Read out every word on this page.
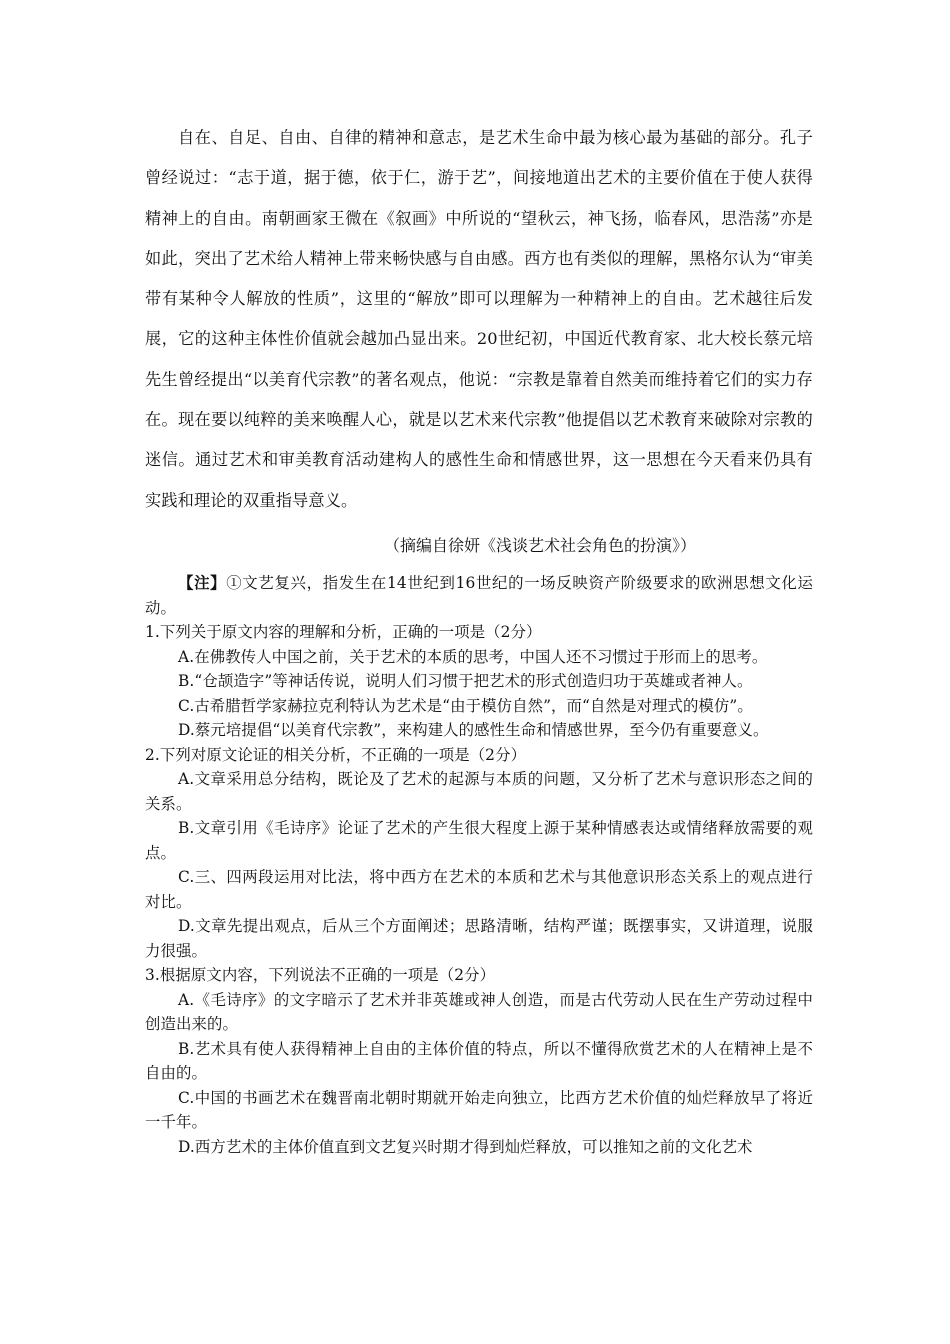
自在、自足、自由、自律的精神和意志，是艺术生命中最为核心最为基础的部分。孔子曾经说过：“志于道，据于德，依于仁，游于艺”，间接地道出艺术的主要价值在于使人获得精神上的自由。南朝画家王微在《叙画》中所说的“望秋云，神飞扬，临春风，思浩荡”亦是如此，突出了艺术给人精神上带来畅快感与自由感。西方也有类似的理解，黑格尔认为“审美带有某种令人解放的性质”，这里的“解放”即可以理解为一种精神上的自由。艺术越往后发展，它的这种主体性价值就会越加凸显出来。20世纪初，中国近代教育家、北大校长蔡元培先生曾经提出“以美育代宗教”的著名观点，他说：“宗教是靠着自然美而维持着它们的实力存在。现在要以纯粹的美来唤醒人心，就是以艺术来代宗教”他提倡以艺术教育来破除对宗教的迷信。通过艺术和审美教育活动建构人的感性生命和情感世界，这一思想在今天看来仍具有实践和理论的双重指导意义。

（摘编自徐妍《浅谈艺术社会角色的扮演》）
【注】①文艺复兴，指发生在14世纪到16世纪的一场反映资产阶级要求的欧洲思想文化运动。
1.下列关于原文内容的理解和分析，正确的一项是（2分）
A.在佛教传人中国之前，关于艺术的本质的思考，中国人还不习惯过于形而上的思考。
B.“仓颉造字”等神话传说，说明人们习惯于把艺术的形式创造归功于英雄或者神人。
C.古希腊哲学家赫拉克利特认为艺术是“由于模仿自然”，而“自然是对理式的模仿”。
D.蔡元培提倡“以美育代宗教”，来构建人的感性生命和情感世界，至今仍有重要意义。
2.下列对原文论证的相关分析，不正确的一项是（2分）
A.文章采用总分结构，既论及了艺术的起源与本质的问题，又分析了艺术与意识形态之间的关系。
B.文章引用《毛诗序》论证了艺术的产生很大程度上源于某种情感表达或情绪释放需要的观点。
C.三、四两段运用对比法，将中西方在艺术的本质和艺术与其他意识形态关系上的观点进行对比。
D.文章先提出观点，后从三个方面阐述；思路清晰，结构严谨；既摆事实，又讲道理，说服力很强。
3.根据原文内容，下列说法不正确的一项是（2分）
A.《毛诗序》的文字暗示了艺术并非英雄或神人创造，而是古代劳动人民在生产劳动过程中创造出来的。
B.艺术具有使人获得精神上自由的主体价值的特点，所以不懂得欣赏艺术的人在精神上是不自由的。
C.中国的书画艺术在魏晋南北朝时期就开始走向独立，比西方艺术价值的灿烂释放早了将近一千年。
D.西方艺术的主体价值直到文艺复兴时期才得到灿烂释放，可以推知之前的文化艺术
